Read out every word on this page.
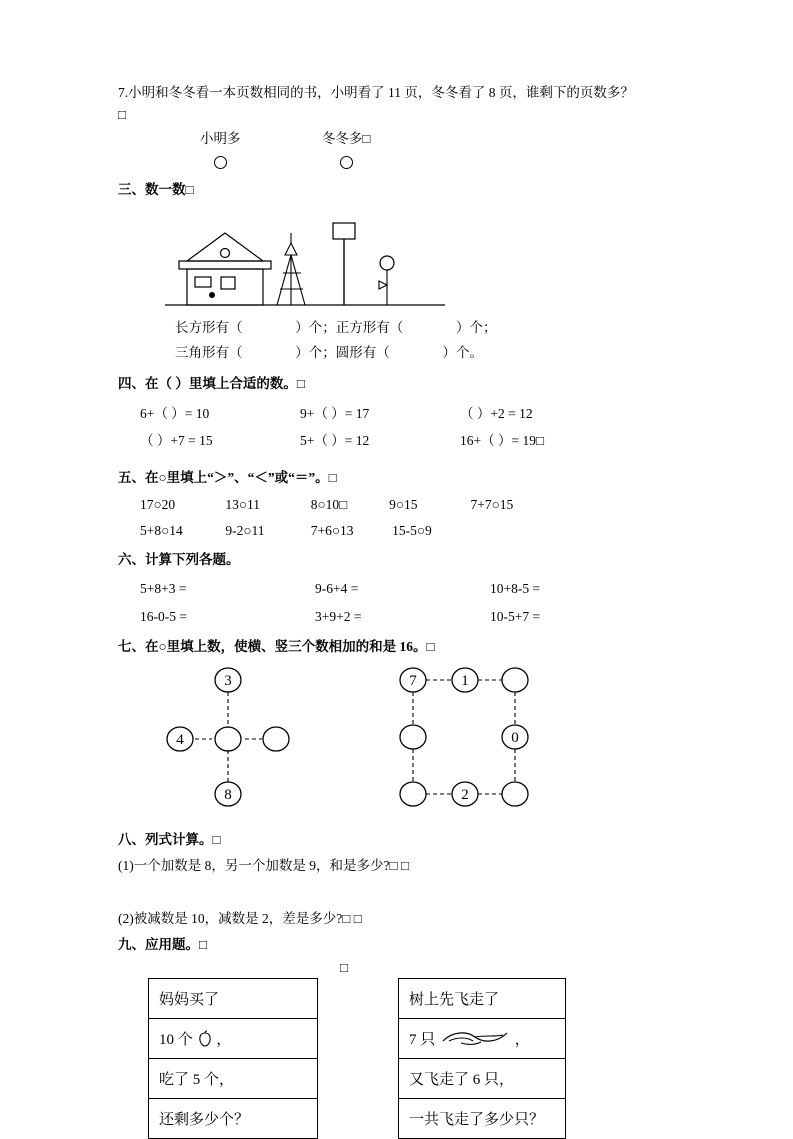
7.小明和冬冬看一本页数相同的书，小明看了 11 页，冬冬看了 8 页，谁剩下的页数多？
□
小明多	冬冬多□
三、数一数□
长方形有（	）个；正方形有（	）个；
三角形有（	）个；圆形有（	）个。
四、在（ ）里填上合适的数。□
6+（ ）= 10	9+（ ）= 17	（ ）+2 = 12
（ ）+7 = 15	5+（ ）= 12	16+（ ）= 19□
五、在○里填上“＞”、“＜”或“＝”。□
17○20	13○11	8○10□	9○15	7+7○15
5+8○14	9-2○11	7+6○13	15-5○9
六、计算下列各题。
5+8+3 =	9-6+4 =	10+8-5 =
16-0-5 =	3+9+2 =	10-5+7 =
七、在○里填上数，使横、竖三个数相加的和是 16。□
3
4
8
7	1
0
2
八、列式计算。□
(1)一个加数是 8，另一个加数是 9，和是多少?□ □
(2)被减数是 10，减数是 2，差是多少?□ □
九、应用题。□
□
妈妈买了
10 个 ，
吃了 5 个，
还剩多少个？
树上先飞走了
7 只	，
又飞走了 6 只，
一共飞走了多少只？
